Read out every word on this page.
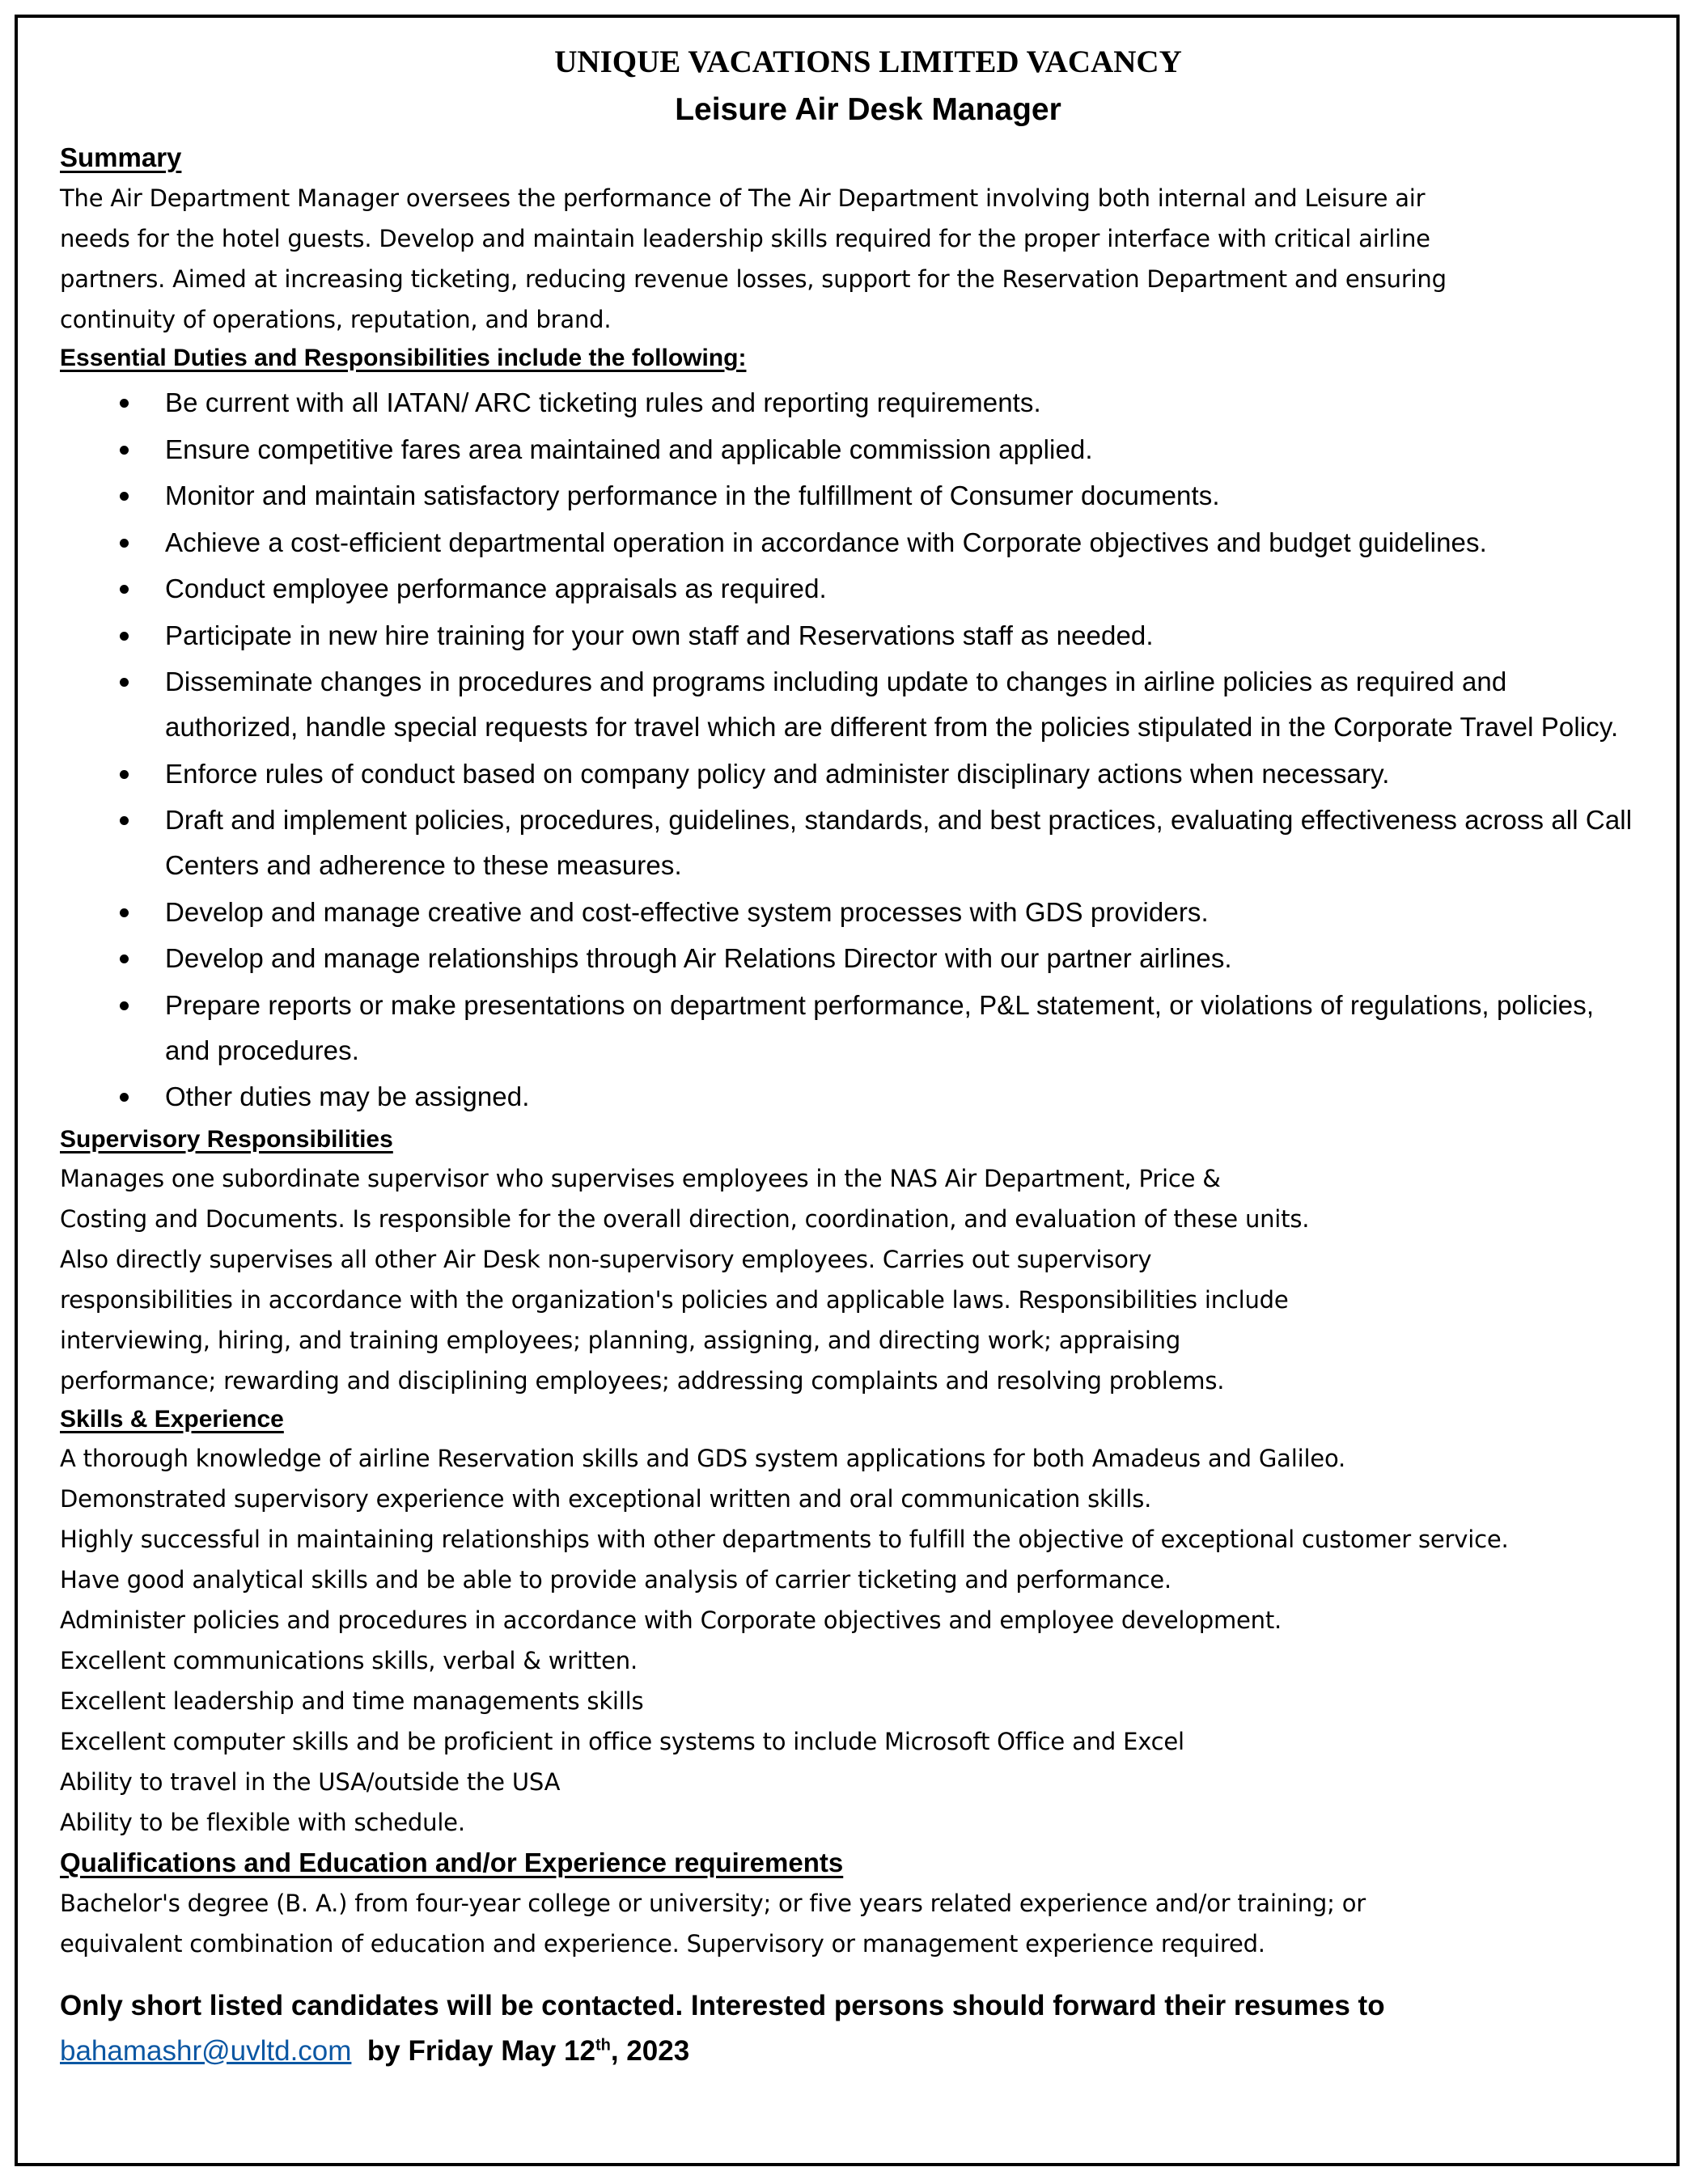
UNIQUE VACATIONS LIMITED VACANCY
Leisure Air Desk Manager
Summary

The Air Department Manager oversees the performance of The Air Department involving both internal and Leisure air
needs for the hotel guests. Develop and maintain leadership skills required for the proper interface with critical airline
partners. Aimed at increasing ticketing, reducing revenue losses, support for the Reservation Department and ensuring
continuity of operations, reputation, and brand.

Essential Duties and Responsibilities include the following:
Be current with all IATAN/ ARC ticketing rules and reporting requirements.
Ensure competitive fares area maintained and applicable commission applied.
Monitor and maintain satisfactory performance in the fulfillment of Consumer documents.
Achieve a cost-efficient departmental operation in accordance with Corporate objectives and budget guidelines.
Conduct employee performance appraisals as required.
Participate in new hire training for your own staff and Reservations staff as needed.
Disseminate changes in procedures and programs including update to changes in airline policies as required and authorized, handle special requests for travel which are different from the policies stipulated in the Corporate Travel Policy.
Enforce rules of conduct based on company policy and administer disciplinary actions when necessary.
Draft and implement policies, procedures, guidelines, standards, and best practices, evaluating effectiveness across all Call Centers and adherence to these measures.
Develop and manage creative and cost-effective system processes with GDS providers.
Develop and manage relationships through Air Relations Director with our partner airlines.
Prepare reports or make presentations on department performance, P&L statement, or violations of regulations, policies, and procedures.
Other duties may be assigned.
Supervisory Responsibilities

Manages one subordinate supervisor who supervises employees in the NAS Air Department, Price &
Costing and Documents. Is responsible for the overall direction, coordination, and evaluation of these units.
Also directly supervises all other Air Desk non-supervisory employees. Carries out supervisory
responsibilities in accordance with the organization's policies and applicable laws. Responsibilities include
interviewing, hiring, and training employees; planning, assigning, and directing work; appraising
performance; rewarding and disciplining employees; addressing complaints and resolving problems.

Skills & Experience

A thorough knowledge of airline Reservation skills and GDS system applications for both Amadeus and Galileo.
Demonstrated supervisory experience with exceptional written and oral communication skills.
Highly successful in maintaining relationships with other departments to fulfill the objective of exceptional customer service.
Have good analytical skills and be able to provide analysis of carrier ticketing and performance.
Administer policies and procedures in accordance with Corporate objectives and employee development.
Excellent communications skills, verbal & written.
Excellent leadership and time managements skills
Excellent computer skills and be proficient in office systems to include Microsoft Office and Excel
Ability to travel in the USA/outside the USA
Ability to be flexible with schedule.

Qualifications and Education and/or Experience requirements

Bachelor's degree (B. A.) from four-year college or university; or five years related experience and/or training; or
equivalent combination of education and experience. Supervisory or management experience required.

Only short listed candidates will be contacted. Interested persons should forward their resumes to
bahamashr@uvltd.com by Friday May 12th, 2023
